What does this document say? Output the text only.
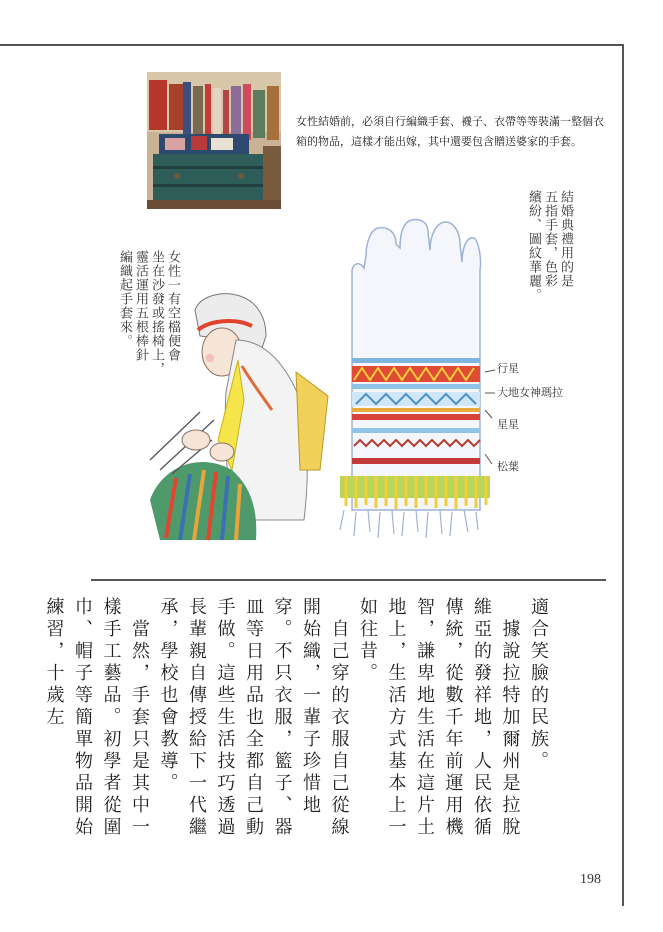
女性結婚前，必須自行編織手套、襪子、衣帶等等裝滿一整個衣箱的物品，這樣才能出嫁，其中還要包含贈送婆家的手套。

結婚典禮用的是
五指手套，色彩
繽紛、圖紋華麗。
女性一有空檔便會
坐在沙發或搖椅上，
靈活運用五根棒針
編織起手套來。
行星
大地女神瑪拉
星星
松葉

適合笑臉的民族。

　據說拉特加爾州是拉脫維亞的發祥地，人民依循傳統，從數千年前運用機智，謙卑地生活在這片土地上，生活方式基本上一如往昔。

　自己穿的衣服自己從線開始織，一輩子珍惜地穿。不只衣服，籃子、器皿等日用品也全都自己動手做。這些生活技巧透過長輩親自傳授給下一代繼承，學校也會教導。

　當然，手套只是其中一樣手工藝品。初學者從圍巾、帽子等簡單物品開始練習，十歲左

198
